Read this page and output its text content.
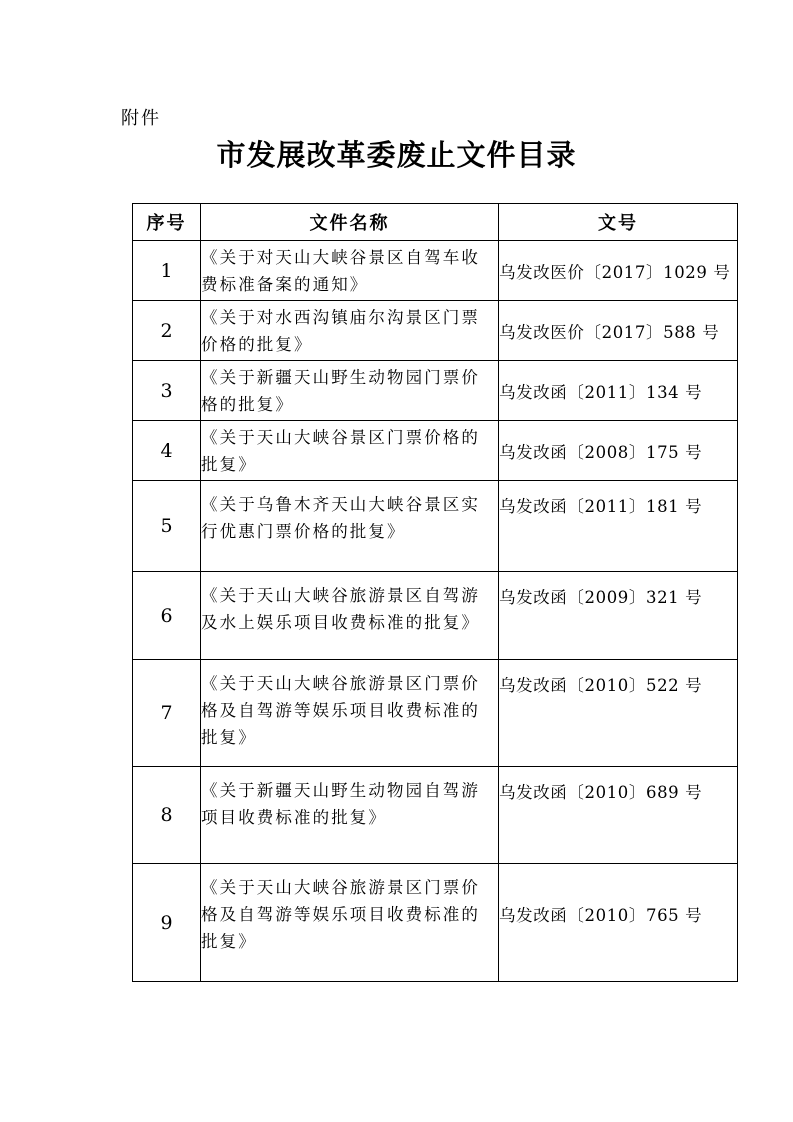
附件
市发展改革委废止文件目录
序号	文件名称	文号
1	《关于对天山大峡谷景区自驾车收费标准备案的通知》	乌发改医价〔2017〕1029 号
2	《关于对水西沟镇庙尔沟景区门票价格的批复》	乌发改医价〔2017〕588 号
3	《关于新疆天山野生动物园门票价格的批复》	乌发改函〔2011〕134 号
4	《关于天山大峡谷景区门票价格的批复》	乌发改函〔2008〕175 号
5	《关于乌鲁木齐天山大峡谷景区实行优惠门票价格的批复》	乌发改函〔2011〕181 号
6	《关于天山大峡谷旅游景区自驾游及水上娱乐项目收费标准的批复》	乌发改函〔2009〕321 号
7	《关于天山大峡谷旅游景区门票价格及自驾游等娱乐项目收费标准的批复》	乌发改函〔2010〕522 号
8	《关于新疆天山野生动物园自驾游项目收费标准的批复》	乌发改函〔2010〕689 号
9	《关于天山大峡谷旅游景区门票价格及自驾游等娱乐项目收费标准的批复》	乌发改函〔2010〕765 号
